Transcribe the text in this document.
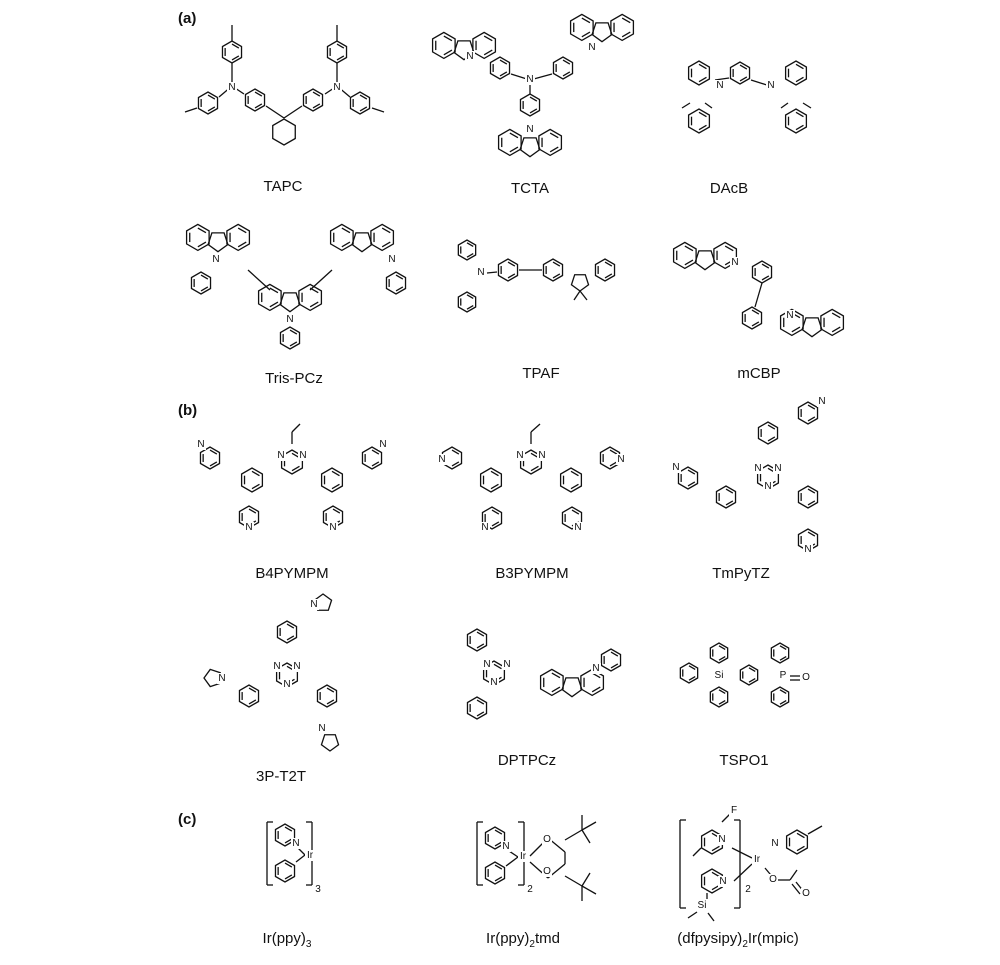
(a)
(b)
(c)
N	N
N
N
N
N
N	N
N	N
N
N
N
N
N N
N	N
N	N
N N
N	N
N	N
N N
N
N
N
N
N N
N
N
N
N
N N
N
N
Si	P O
N
Ir
3
N
Ir
2
O
O
F
N
N
Si
2
Ir
N
O
O
TAPC	TCTA	DAcB
Tris-PCz	TPAF	mCBP
B4PYMPM	B3PYMPM	TmPyTZ
3P-T2T
DPTPCz	TSPO1
$Ir(ppy)_3$	$Ir(ppy)_2tmd$	$(dfpysipy)_2Ir(mpic)$
